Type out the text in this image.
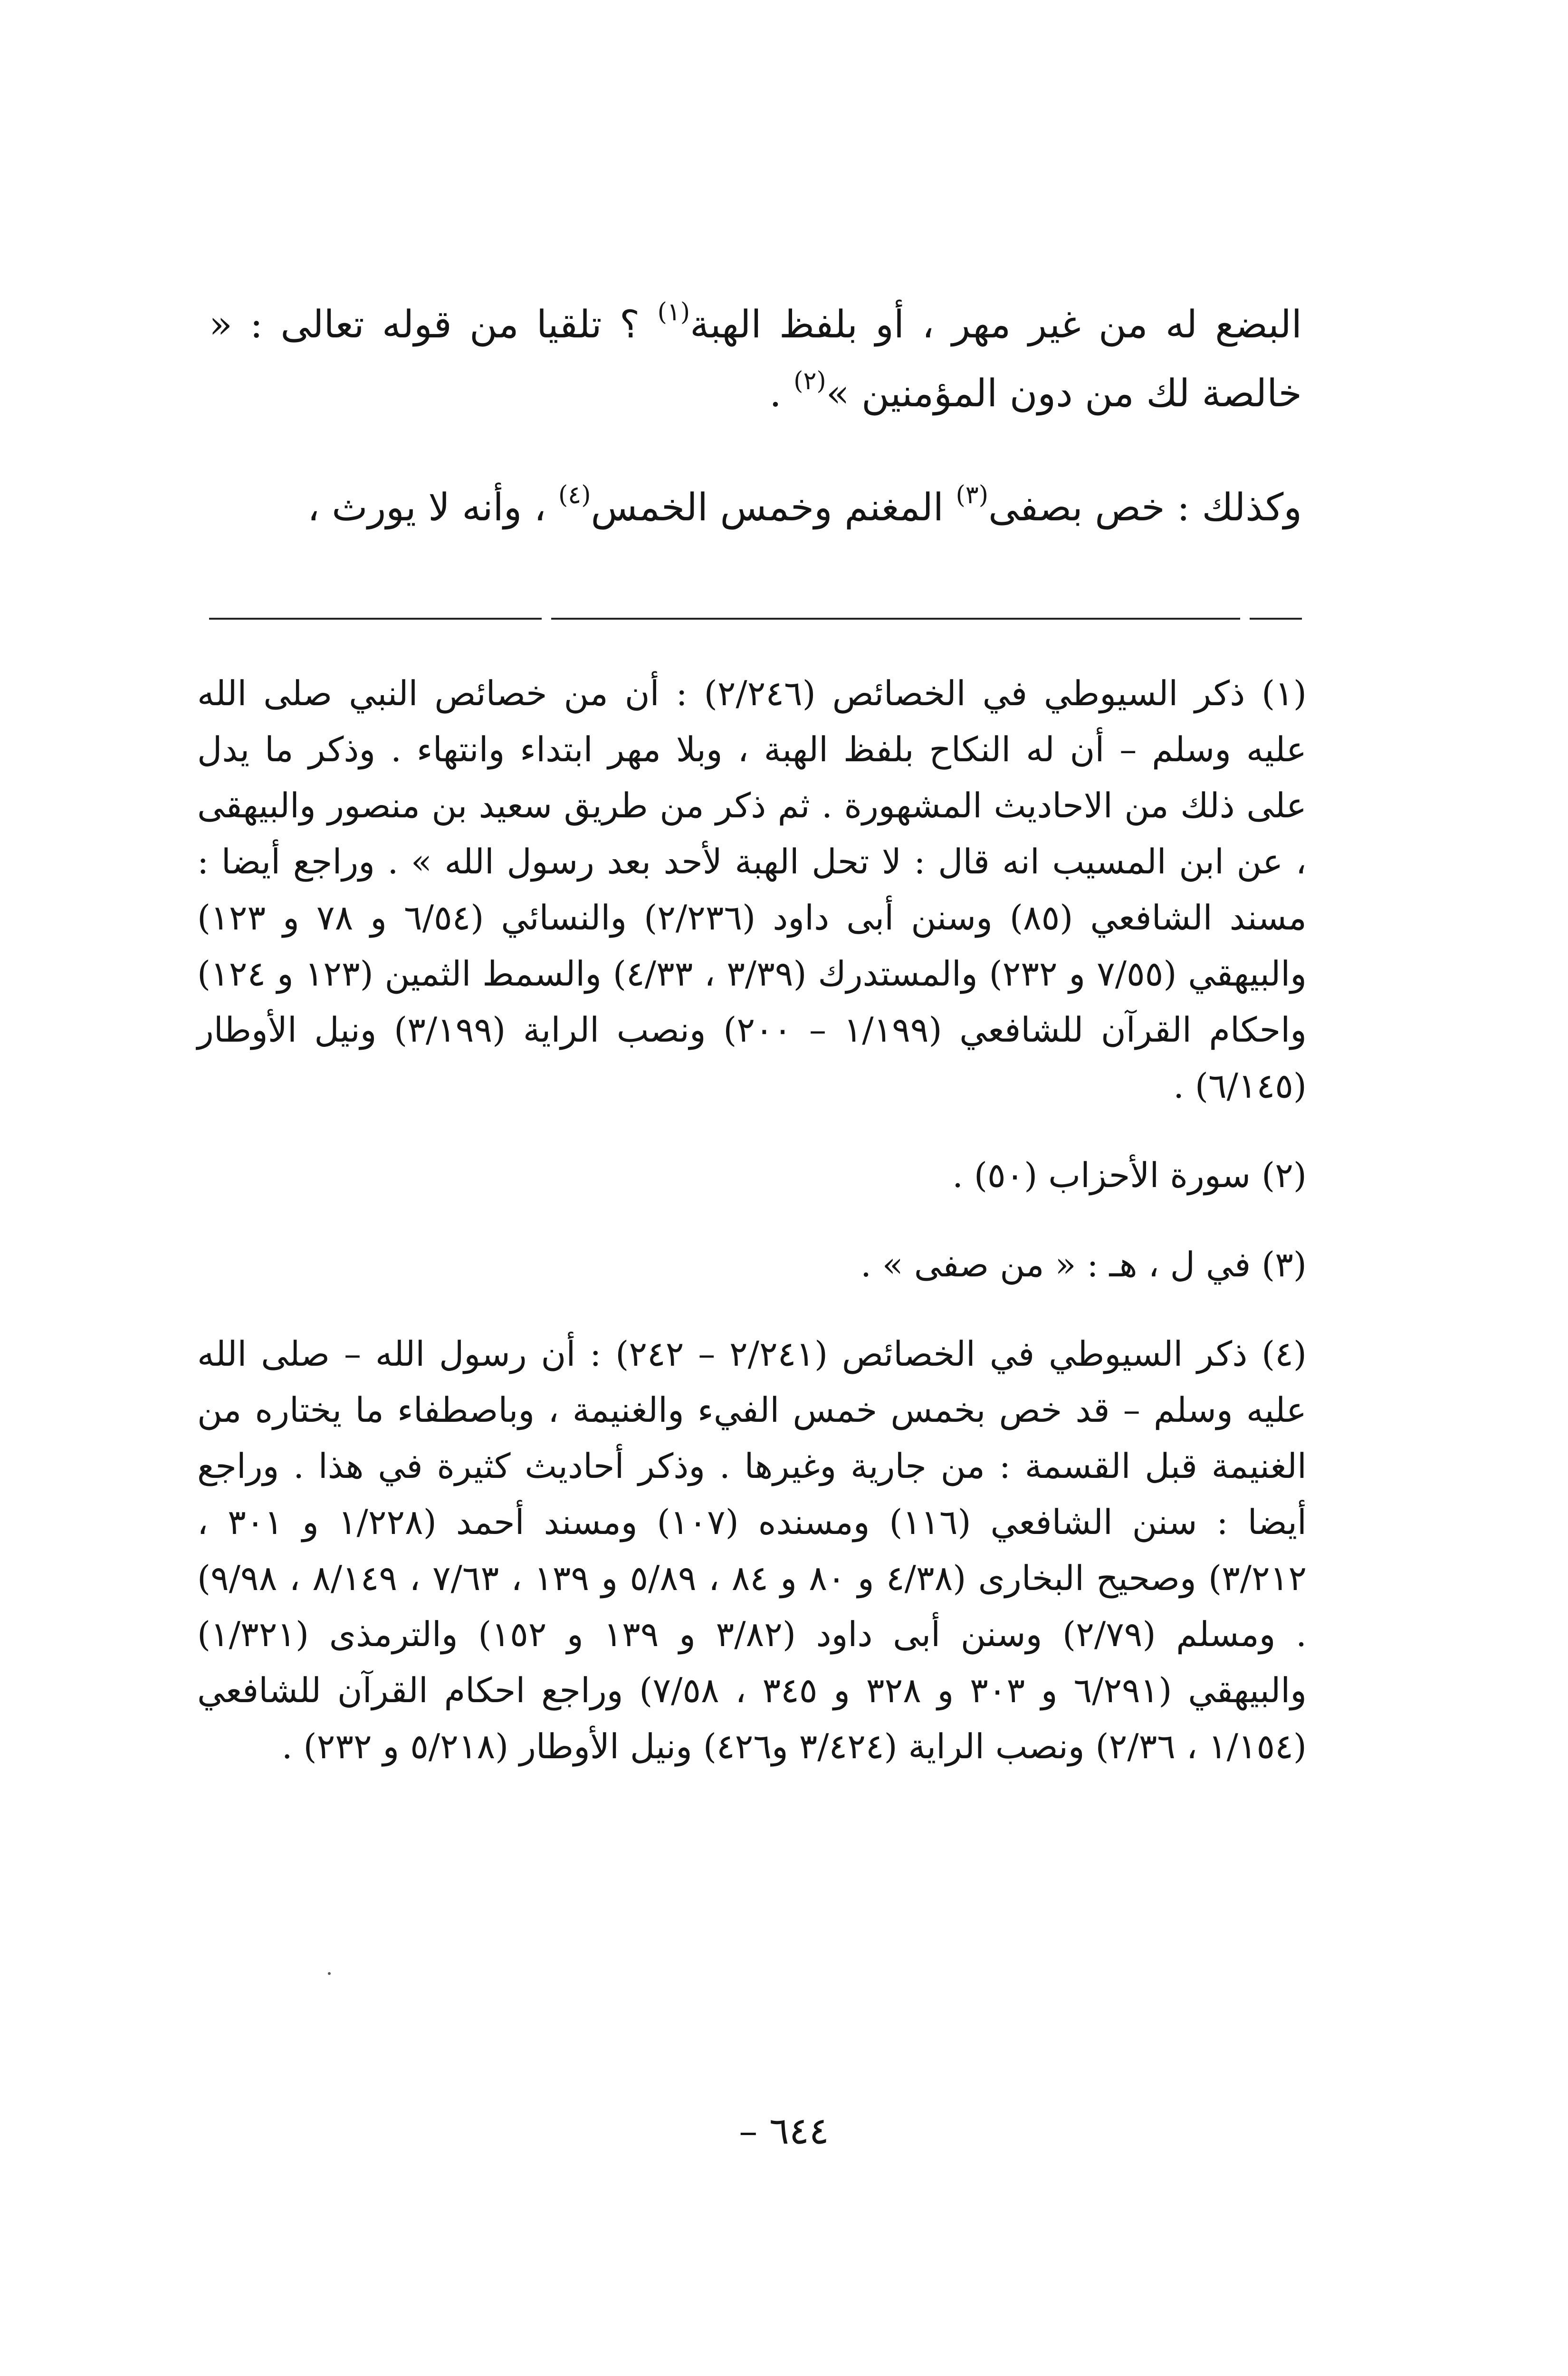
البضع له من غير مهر ، أو بلفظ الهبة$^{(١)}$ ؟ تلقيا من قوله تعالى : « خالصة لك من دون المؤمنين »$^{(٢)}$ .

وكذلك : خص بصفى$^{(٣)}$ المغنم وخمس الخمس$^{(٤)}$ ، وأنه لا يورث ،

(١) ذكر السيوطي في الخصائص (٢/٢٤٦) : أن من خصائص النبي صلى الله عليه وسلم – أن له النكاح بلفظ الهبة ، وبلا مهر ابتداء وانتهاء . وذكر ما يدل على ذلك من الاحاديث المشهورة . ثم ذكر من طريق سعيد بن منصور والبيهقى ، عن ابن المسيب انه قال : لا تحل الهبة لأحد بعد رسول الله » . وراجع أيضا : مسند الشافعي (٨٥) وسنن أبى داود (٢/٢٣٦) والنسائي (٦/٥٤ و ٧٨ و ١٢٣) والبيهقي (٧/٥٥ و ٢٣٢) والمستدرك (٣/٣٩ ، ٤/٣٣) والسمط الثمين (١٢٣ و ١٢٤) واحكام القرآن للشافعي (١/١٩٩ – ٢٠٠) ونصب الراية (٣/١٩٩) ونيل الأوطار (٦/١٤٥) .

(٢) سورة الأحزاب (٥٠) .

(٣) في ل ، هـ : « من صفى » .

(٤) ذكر السيوطي في الخصائص (٢/٢٤١ – ٢٤٢) : أن رسول الله – صلى الله عليه وسلم – قد خص بخمس خمس الفيء والغنيمة ، وباصطفاء ما يختاره من الغنيمة قبل القسمة : من جارية وغيرها . وذكر أحاديث كثيرة في هذا . وراجع أيضا : سنن الشافعي (١١٦) ومسنده (١٠٧) ومسند أحمد (١/٢٢٨ و ٣٠١ ، ٣/٢١٢) وصحيح البخارى (٤/٣٨ و ٨٠ و ٨٤ ، ٥/٨٩ و ١٣٩ ، ٧/٦٣ ، ٨/١٤٩ ، ٩/٩٨) . ومسلم (٢/٧٩) وسنن أبى داود (٣/٨٢ و ١٣٩ و ١٥٢) والترمذى (١/٣٢١) والبيهقي (٦/٢٩١ و ٣٠٣ و ٣٢٨ و ٣٤٥ ، ٧/٥٨) وراجع احكام القرآن للشافعي (١/١٥٤ ، ٢/٣٦) ونصب الراية (٣/٤٢٤ و٤٢٦) ونيل الأوطار (٥/٢١٨ و ٢٣٢) .

٦٤٤ –
